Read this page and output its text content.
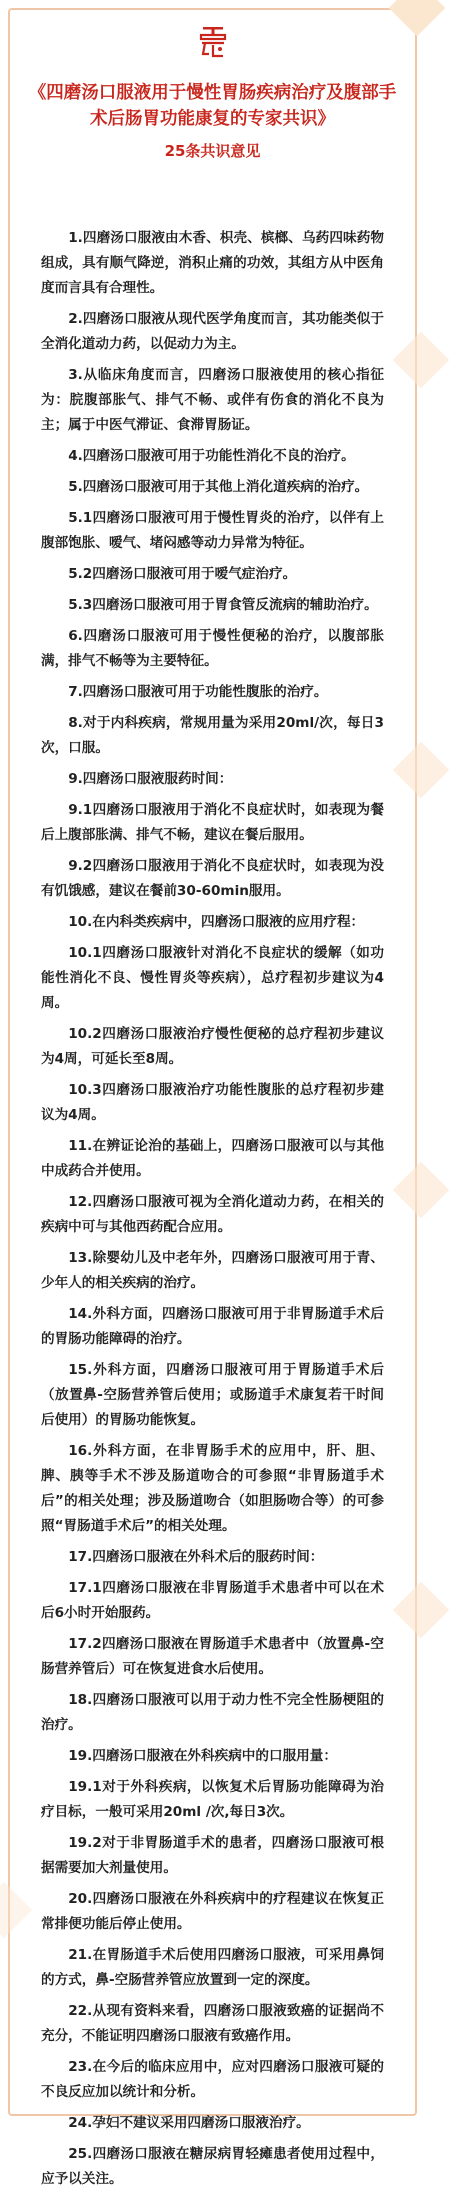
《四磨汤口服液用于慢性胃肠疾病治疗及腹部手术后肠胃功能康复的专家共识》
25条共识意见

1.四磨汤口服液由木香、枳壳、槟榔、乌药四味药物组成，具有顺气降逆，消积止痛的功效，其组方从中医角度而言具有合理性。

2.四磨汤口服液从现代医学角度而言，其功能类似于全消化道动力药，以促动力为主。

3.从临床角度而言，四磨汤口服液使用的核心指征为：脘腹部胀气、排气不畅、或伴有伤食的消化不良为主；属于中医气滞证、食滞胃肠证。

4.四磨汤口服液可用于功能性消化不良的治疗。

5.四磨汤口服液可用于其他上消化道疾病的治疗。

5.1四磨汤口服液可用于慢性胃炎的治疗，以伴有上腹部饱胀、嗳气、堵闷感等动力异常为特征。

5.2四磨汤口服液可用于嗳气症治疗。

5.3四磨汤口服液可用于胃食管反流病的辅助治疗。

6.四磨汤口服液可用于慢性便秘的治疗，以腹部胀满，排气不畅等为主要特征。

7.四磨汤口服液可用于功能性腹胀的治疗。

8.对于内科疾病，常规用量为采用20ml/次，每日3次，口服。

9.四磨汤口服液服药时间：

9.1四磨汤口服液用于消化不良症状时，如表现为餐后上腹部胀满、排气不畅，建议在餐后服用。

9.2四磨汤口服液用于消化不良症状时，如表现为没有饥饿感，建议在餐前30-60min服用。

10.在内科类疾病中，四磨汤口服液的应用疗程：

10.1四磨汤口服液针对消化不良症状的缓解（如功能性消化不良、慢性胃炎等疾病），总疗程初步建议为4周。

10.2四磨汤口服液治疗慢性便秘的总疗程初步建议为4周，可延长至8周。

10.3四磨汤口服液治疗功能性腹胀的总疗程初步建议为4周。

11.在辨证论治的基础上，四磨汤口服液可以与其他中成药合并使用。

12.四磨汤口服液可视为全消化道动力药，在相关的疾病中可与其他西药配合应用。

13.除婴幼儿及中老年外，四磨汤口服液可用于青、少年人的相关疾病的治疗。

14.外科方面，四磨汤口服液可用于非胃肠道手术后的胃肠功能障碍的治疗。

15.外科方面，四磨汤口服液可用于胃肠道手术后（放置鼻-空肠营养管后使用；或肠道手术康复若干时间后使用）的胃肠功能恢复。

16.外科方面，在非胃肠手术的应用中，肝、胆、脾、胰等手术不涉及肠道吻合的可参照“非胃肠道手术后”的相关处理；涉及肠道吻合（如胆肠吻合等）的可参照“胃肠道手术后”的相关处理。

17.四磨汤口服液在外科术后的服药时间：

17.1四磨汤口服液在非胃肠道手术患者中可以在术后6小时开始服药。

17.2四磨汤口服液在胃肠道手术患者中（放置鼻-空肠营养管后）可在恢复进食水后使用。

18.四磨汤口服液可以用于动力性不完全性肠梗阻的治疗。

19.四磨汤口服液在外科疾病中的口服用量：

19.1对于外科疾病，以恢复术后胃肠功能障碍为治疗目标，一般可采用20ml /次,每日3次。

19.2对于非胃肠道手术的患者，四磨汤口服液可根据需要加大剂量使用。

20.四磨汤口服液在外科疾病中的疗程建议在恢复正常排便功能后停止使用。

21.在胃肠道手术后使用四磨汤口服液，可采用鼻饲的方式，鼻-空肠营养管应放置到一定的深度。

22.从现有资料来看，四磨汤口服液致癌的证据尚不充分，不能证明四磨汤口服液有致癌作用。

23.在今后的临床应用中，应对四磨汤口服液可疑的不良反应加以统计和分析。

24.孕妇不建议采用四磨汤口服液治疗。

25.四磨汤口服液在糖尿病胃轻瘫患者使用过程中，应予以关注。
